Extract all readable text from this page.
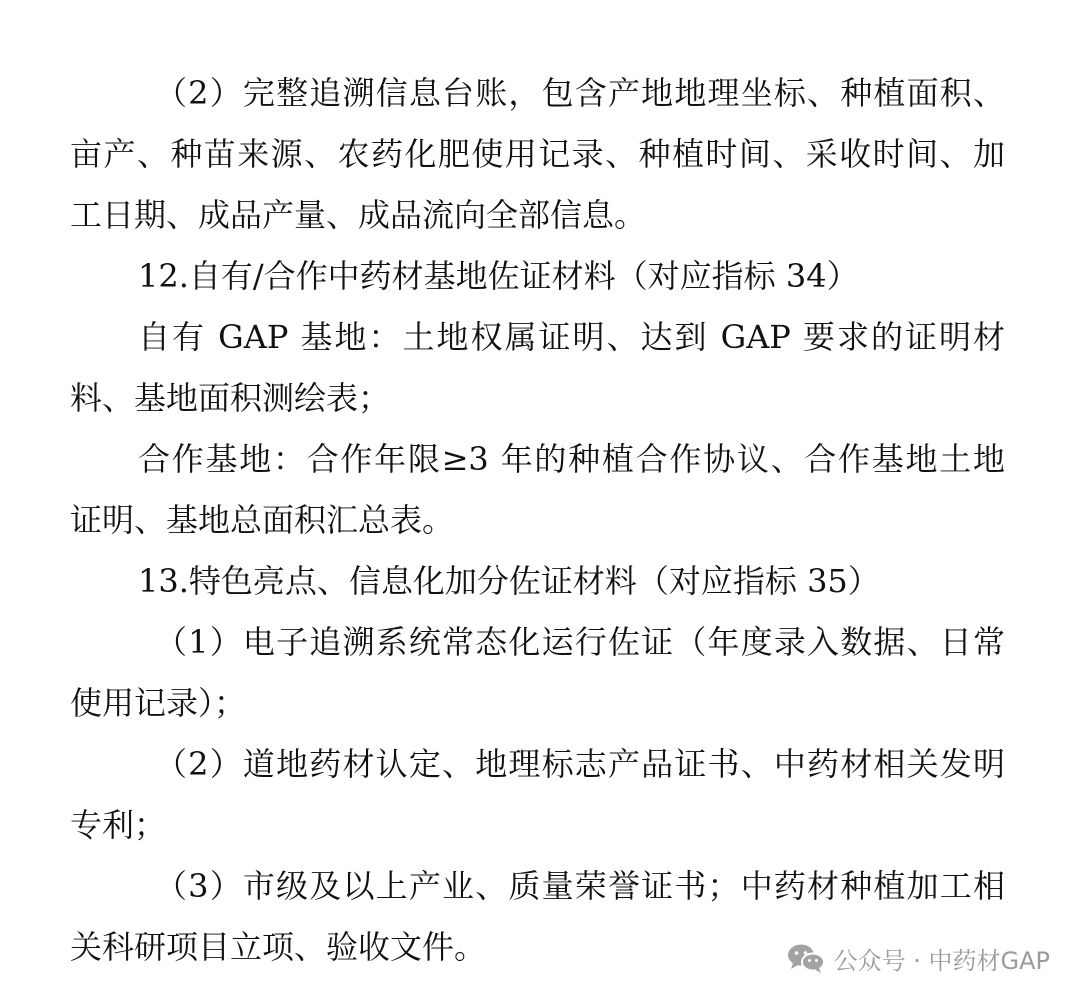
（2）完整追溯信息台账，包含产地地理坐标、种植面积、
亩产、种苗来源、农药化肥使用记录、种植时间、采收时间、加
工日期、成品产量、成品流向全部信息。
12.自有/合作中药材基地佐证材料（对应指标 34）
自有 GAP 基地：土地权属证明、达到 GAP 要求的证明材
料、基地面积测绘表；
合作基地：合作年限≥3 年的种植合作协议、合作基地土地
证明、基地总面积汇总表。
13.特色亮点、信息化加分佐证材料（对应指标 35）
（1）电子追溯系统常态化运行佐证（年度录入数据、日常
使用记录）；
（2）道地药材认定、地理标志产品证书、中药材相关发明
专利；
（3）市级及以上产业、质量荣誉证书；中药材种植加工相
关科研项目立项、验收文件。	公众号 · 中药材GAP
